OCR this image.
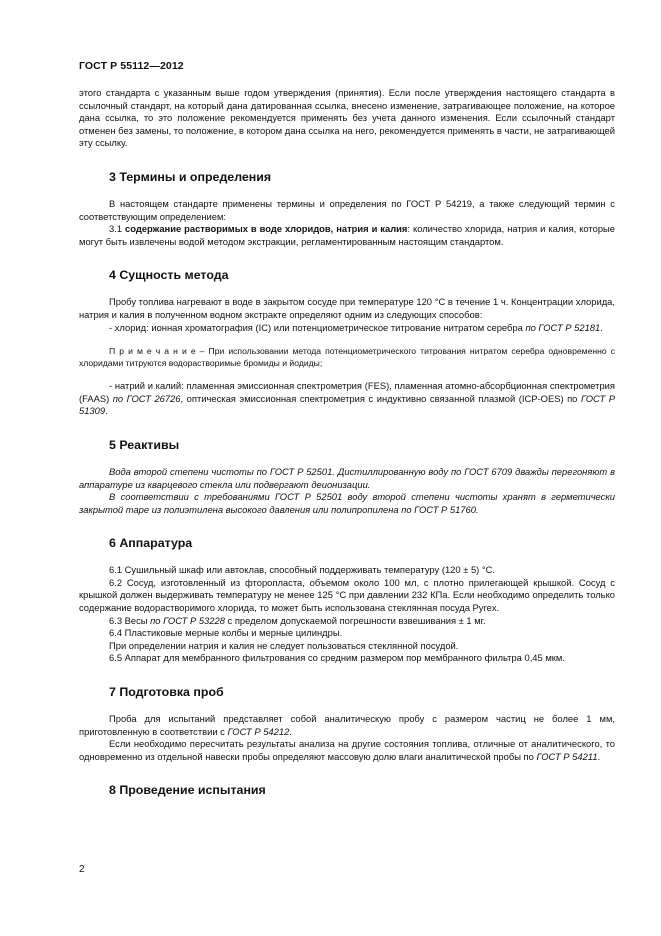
ГОСТ Р 55112—2012

этого стандарта с указанным выше годом утверждения (принятия). Если после утверждения настоящего стандарта в ссылочный стандарт, на который дана датированная ссылка, внесено изменение, затрагивающее положение, на которое дана ссылка, то это положение рекомендуется применять без учета данного изменения. Если ссылочный стандарт отменен без замены, то положение, в котором дана ссылка на него, рекомендуется применять в части, не затрагивающей эту ссылку.

3 Термины и определения

В настоящем стандарте применены термины и определения по ГОСТ Р 54219, а также следующий термин с соответствующим определением:

3.1 содержание растворимых в воде хлоридов, натрия и калия: количество хлорида, натрия и калия, которые могут быть извлечены водой методом экстракции, регламентированным настоящим стандартом.

4 Сущность метода

Пробу топлива нагревают в воде в закрытом сосуде при температуре 120 °С в течение 1 ч. Концентрации хлорида, натрия и калия в полученном водном экстракте определяют одним из следующих способов:

- хлорид: ионная хроматография (IC) или потенциометрическое титрование нитратом серебра по ГОСТ Р 52181.

П р и м е ч а н и е – При использовании метода потенциометрического титрования нитратом серебра одновременно с хлоридами титруются водорастворимые бромиды и йодиды;

- натрий и калий: пламенная эмиссионная спектрометрия (FES), пламенная атомно-абсорбционная спектрометрия (FAAS) по ГОСТ 26726, оптическая эмиссионная спектрометрия с индуктивно связанной плазмой (ICP-OES) по ГОСТ Р 51309.

5 Реактивы

Вода второй степени чистоты по ГОСТ Р 52501. Дистиллированную воду по ГОСТ 6709 дважды перегоняют в аппаратуре из кварцевого стекла или подвергают деионизации.

В соответствии с требованиями ГОСТ Р 52501 воду второй степени чистоты хранят в герметически закрытой таре из полиэтилена высокого давления или полипропилена по ГОСТ Р 51760.

6 Аппаратура

6.1 Сушильный шкаф или автоклав, способный поддерживать температуру (120 ± 5) °С.

6.2 Сосуд, изготовленный из фторопласта, объемом около 100 мл, с плотно прилегающей крышкой. Сосуд с крышкой должен выдерживать температуру не менее 125 °С при давлении 232 КПа. Если необходимо определить только содержание водорастворимого хлорида, то может быть использована стеклянная посуда Pyrex.

6.3 Весы по ГОСТ Р 53228 с пределом допускаемой погрешности взвешивания ± 1 мг.

6.4 Пластиковые мерные колбы и мерные цилиндры.

При определении натрия и калия не следует пользоваться стеклянной посудой.

6.5 Аппарат для мембранного фильтрования со средним размером пор мембранного фильтра 0,45 мкм.

7 Подготовка проб

Проба для испытаний представляет собой аналитическую пробу с размером частиц не более 1 мм, приготовленную в соответствии с ГОСТ Р 54212.

Если необходимо пересчитать результаты анализа на другие состояния топлива, отличные от аналитического, то одновременно из отдельной навески пробы определяют массовую долю влаги аналитической пробы по ГОСТ Р 54211.

8 Проведение испытания
2
